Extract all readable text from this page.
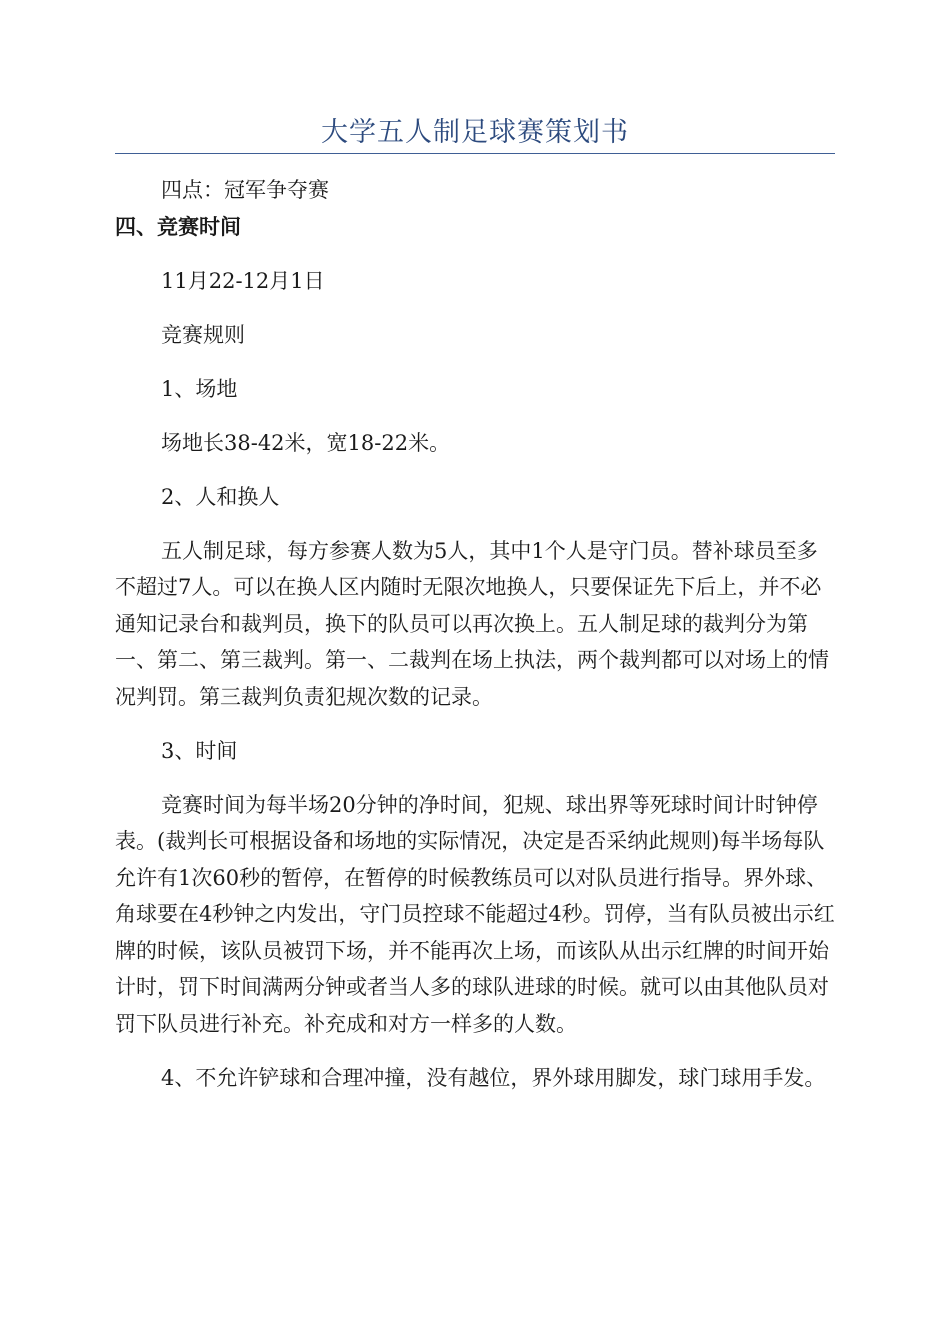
大学五人制足球赛策划书

四点：冠军争夺赛

四、竞赛时间

11月22-12月1日

竞赛规则

1、场地

场地长38-42米，宽18-22米。

2、人和换人

五人制足球，每方参赛人数为5人，其中1个人是守门员。替补球员至多不超过7人。可以在换人区内随时无限次地换人，只要保证先下后上，并不必通知记录台和裁判员，换下的队员可以再次换上。五人制足球的裁判分为第一、第二、第三裁判。第一、二裁判在场上执法，两个裁判都可以对场上的情况判罚。第三裁判负责犯规次数的记录。

3、时间

竞赛时间为每半场20分钟的净时间，犯规、球出界等死球时间计时钟停表。(裁判长可根据设备和场地的实际情况，决定是否采纳此规则)每半场每队允许有1次60秒的暂停，在暂停的时候教练员可以对队员进行指导。界外球、角球要在4秒钟之内发出，守门员控球不能超过4秒。罚停，当有队员被出示红牌的时候，该队员被罚下场，并不能再次上场，而该队从出示红牌的时间开始计时，罚下时间满两分钟或者当人多的球队进球的时候。就可以由其他队员对罚下队员进行补充。补充成和对方一样多的人数。

4、不允许铲球和合理冲撞，没有越位，界外球用脚发，球门球用手发。
